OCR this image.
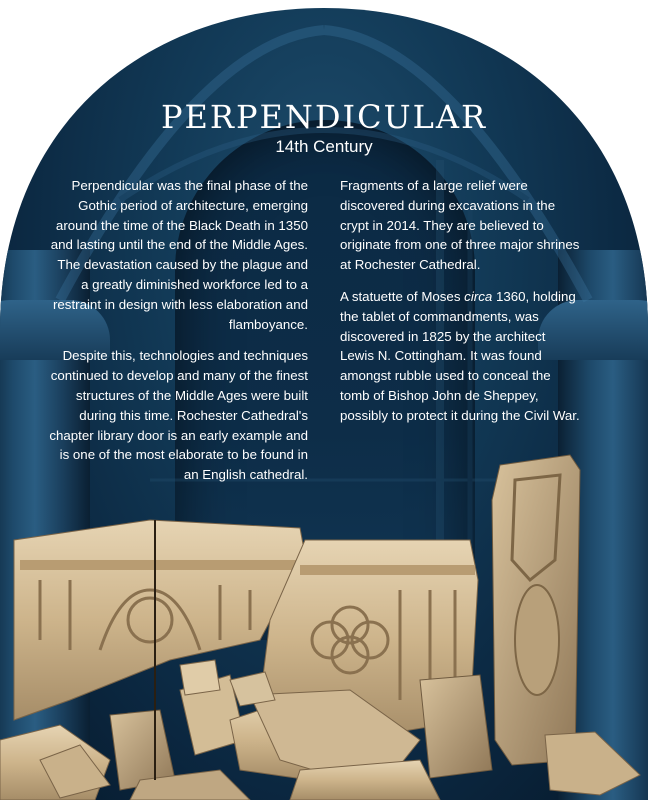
PERPENDICULAR
14th Century

Perpendicular was the final phase of the Gothic period of architecture, emerging around the time of the Black Death in 1350 and lasting until the end of the Middle Ages. The devastation caused by the plague and a greatly diminished workforce led to a restraint in design with less elaboration and flamboyance.

Despite this, technologies and techniques continued to develop and many of the finest structures of the Middle Ages were built during this time. Rochester Cathedral's chapter library door is an early example and is one of the most elaborate to be found in an English cathedral.

Fragments of a large relief were discovered during excavations in the crypt in 2014. They are believed to originate from one of three major shrines at Rochester Cathedral.

A statuette of Moses circa 1360, holding the tablet of commandments, was discovered in 1825 by the architect Lewis N. Cottingham. It was found amongst rubble used to conceal the tomb of Bishop John de Sheppey, possibly to protect it during the Civil War.
